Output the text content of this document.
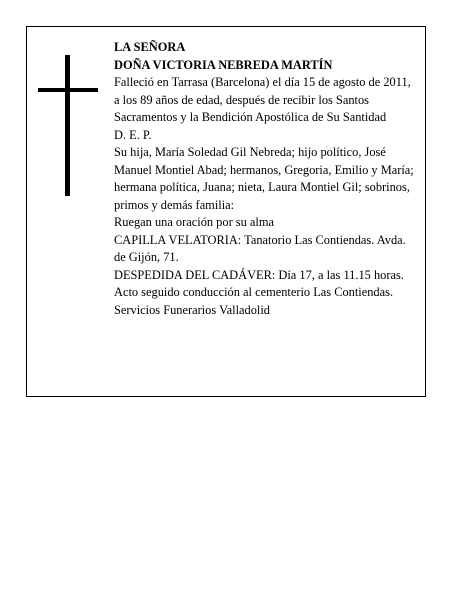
LA SEÑORA

DOÑA VICTORIA NEBREDA MARTÍN

Falleció en Tarrasa (Barcelona) el día 15 de agosto de 2011, a los 89 años de edad, después de recibir los Santos Sacramentos y la Bendición Apostólica de Su Santidad

D. E. P.

Su hija, María Soledad Gil Nebreda; hijo político, José Manuel Montiel Abad; hermanos, Gregoria, Emilio y María; hermana política, Juana; nieta, Laura Montiel Gil; sobrinos, primos y demás familia:

Ruegan una oración por su alma

CAPILLA VELATORIA: Tanatorio Las Contiendas. Avda. de Gijón, 71.

DESPEDIDA DEL CADÁVER: Día 17, a las 11.15 horas. Acto seguido conducción al cementerio Las Contiendas.

Servicios Funerarios Valladolid
